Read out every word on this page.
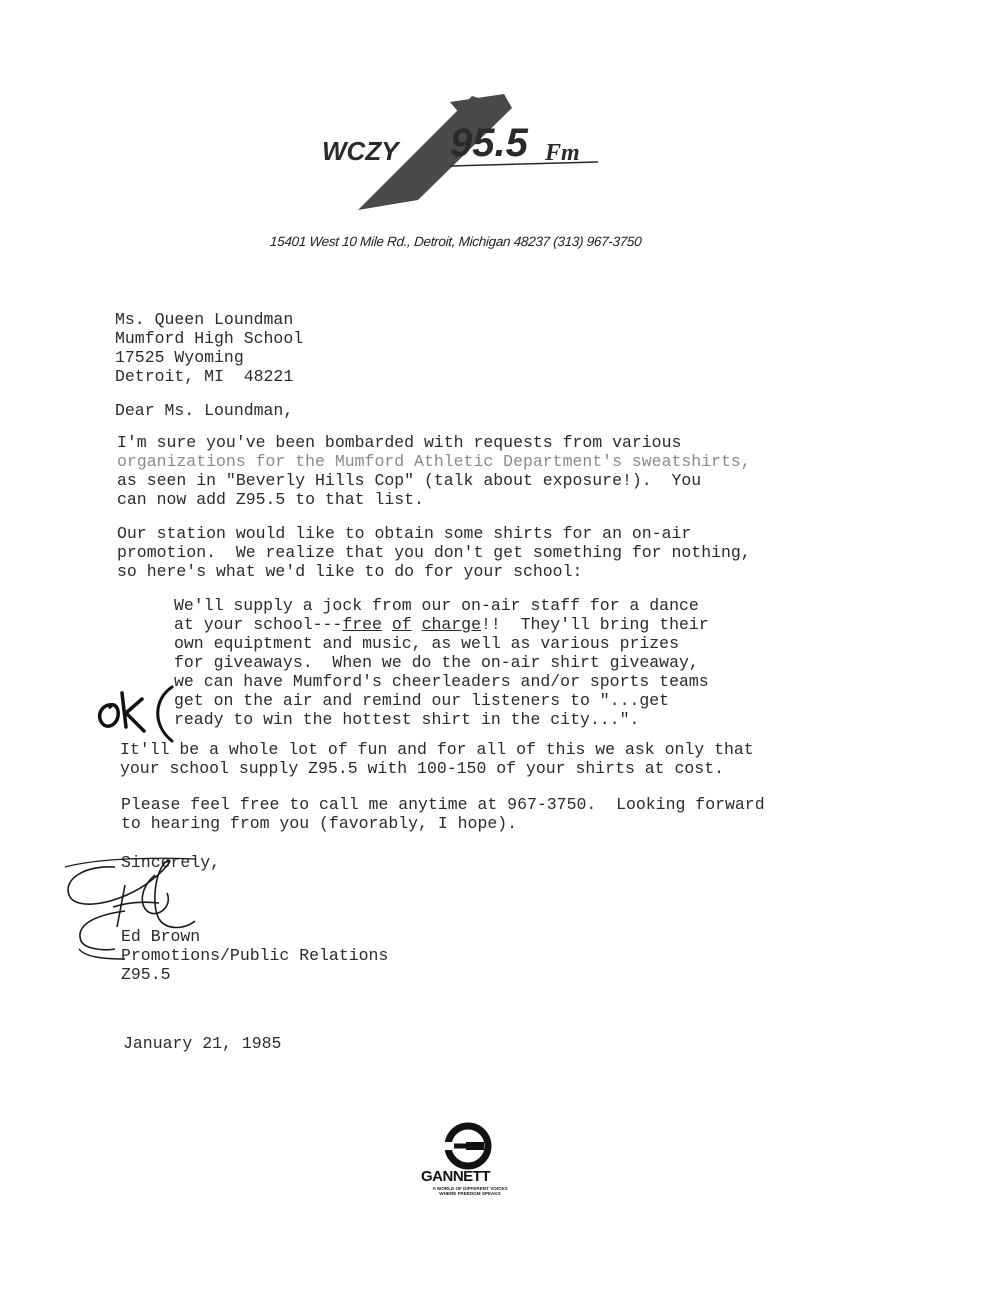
WCZY 95.5 Fm
15401 West 10 Mile Rd., Detroit, Michigan 48237 (313) 967-3750
Ms. Queen Loundman
Mumford High School
17525 Wyoming
Detroit, MI  48221
Dear Ms. Loundman,
I'm sure you've been bombarded with requests from various
organizations for the Mumford Athletic Department's sweatshirts,
as seen in "Beverly Hills Cop" (talk about exposure!).  You
can now add Z95.5 to that list.
Our station would like to obtain some shirts for an on-air
promotion.  We realize that you don't get something for nothing,
so here's what we'd like to do for your school:
We'll supply a jock from our on-air staff for a dance
at your school---free of charge!!  They'll bring their
own equiptment and music, as well as various prizes
for giveaways.  When we do the on-air shirt giveaway,
we can have Mumford's cheerleaders and/or sports teams
get on the air and remind our listeners to "...get
ready to win the hottest shirt in the city...".
It'll be a whole lot of fun and for all of this we ask only that
your school supply Z95.5 with 100-150 of your shirts at cost.
Please feel free to call me anytime at 967-3750.  Looking forward
to hearing from you (favorably, I hope).
Sincerely,
Ed Brown
Promotions/Public Relations
Z95.5
January 21, 1985
GANNETT
A WORLD OF DIFFERENT VOICES
WHERE FREEDOM SPEAKS
